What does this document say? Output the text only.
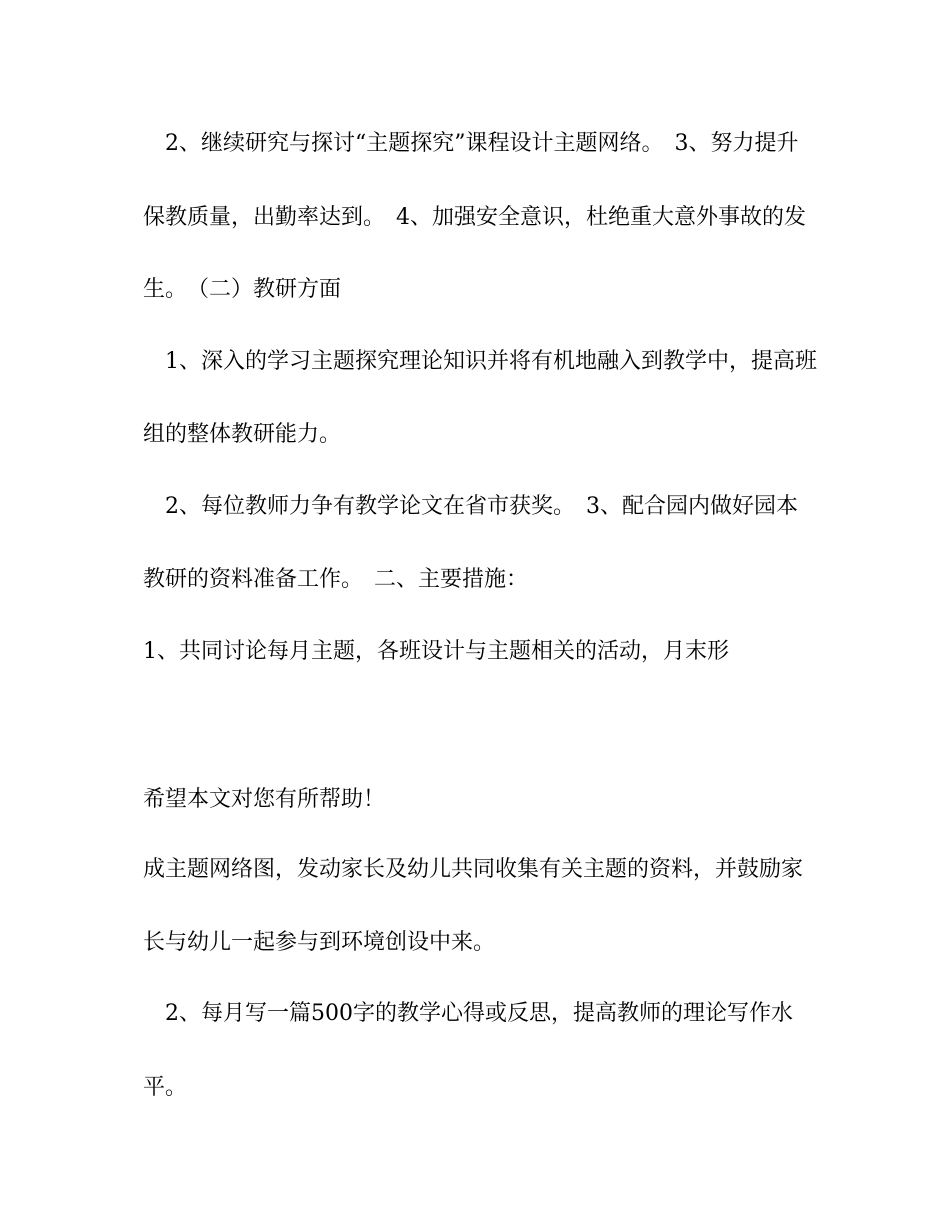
2、继续研究与探讨“主题探究”课程设计主题网络。　3、努力提升
保教质量，出勤率达到。　4、加强安全意识，杜绝重大意外事故的发
生。　（二）教研方面
1、深入的学习主题探究理论知识并将有机地融入到教学中，提高班
组的整体教研能力。
2、每位教师力争有教学论文在省市获奖。　3、配合园内做好园本
教研的资料准备工作。　二、主要措施：
1、共同讨论每月主题，各班设计与主题相关的活动，月末形
希望本文对您有所帮助！
成主题网络图，发动家长及幼儿共同收集有关主题的资料，并鼓励家
长与幼儿一起参与到环境创设中来。
2、每月写一篇500字的教学心得或反思，提高教师的理论写作水
平。
